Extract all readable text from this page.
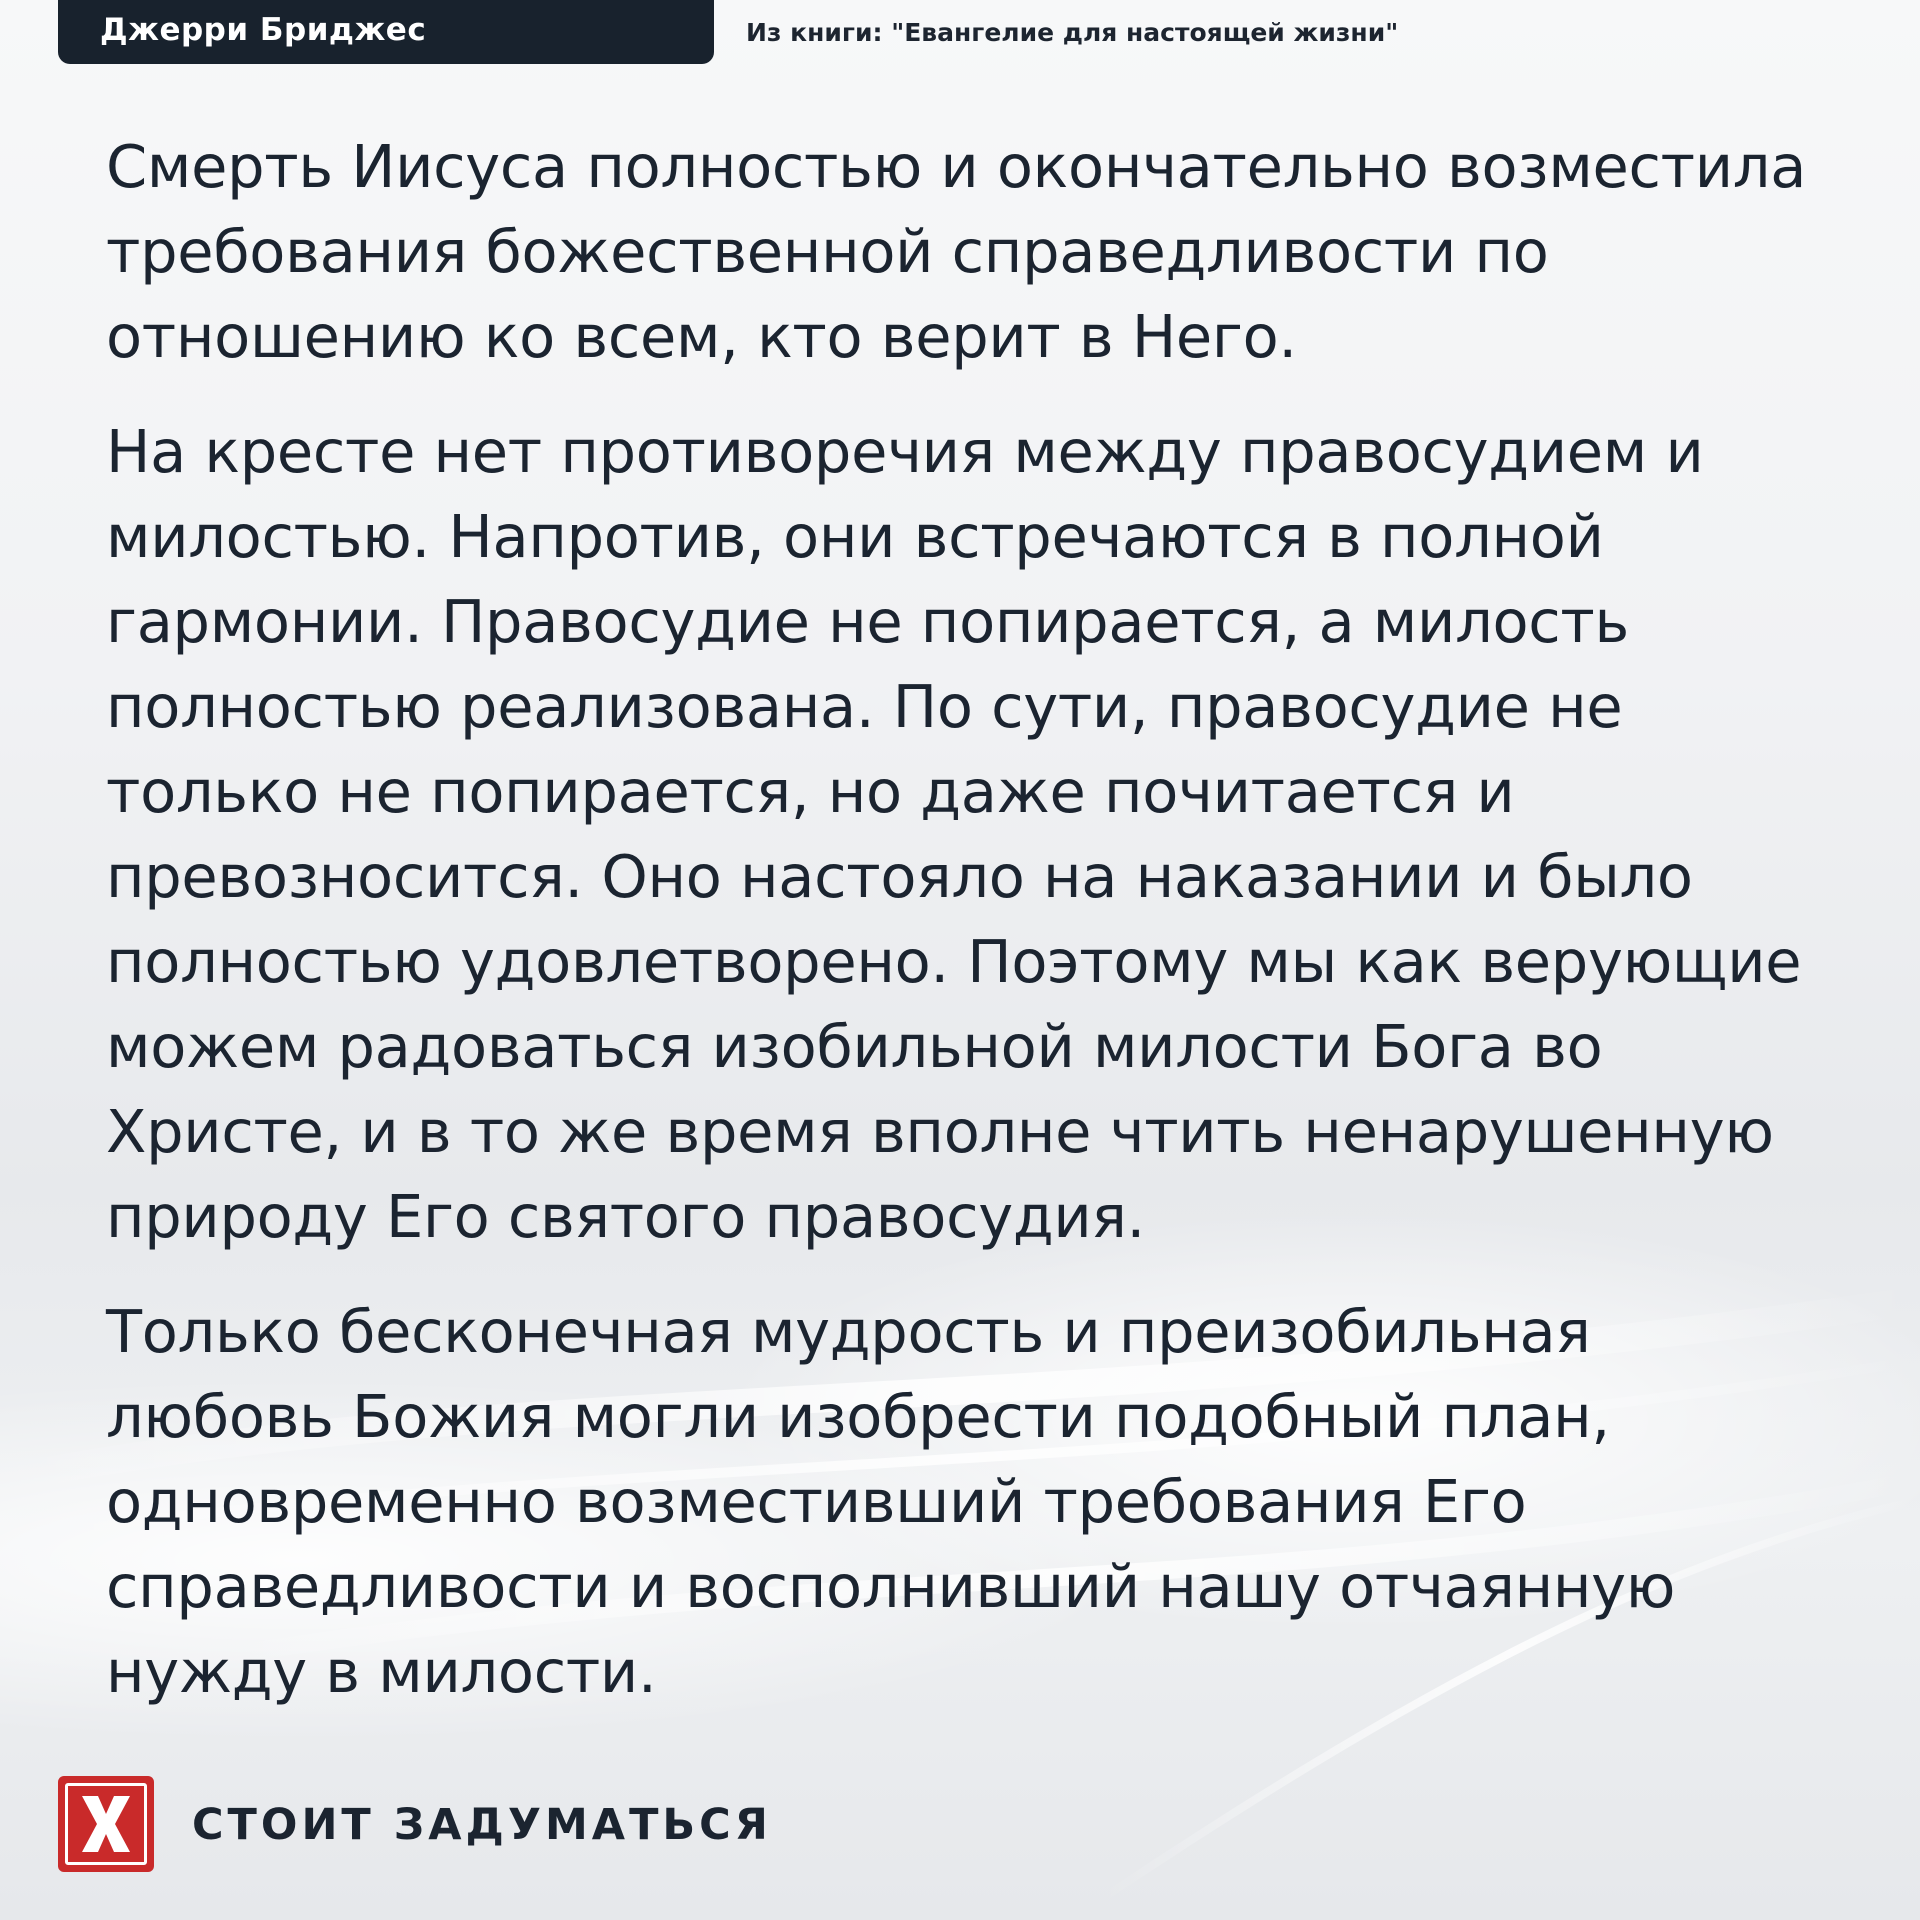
Джерри Бриджес	Из книги: "Евангелие для настоящей жизни"

Смерть Иисуса полностью и окончательно возместила требования божественной справедливости по отношению ко всем, кто верит в Него.

На кресте нет противоречия между правосудием и милостью. Напротив, они встречаются в полной гармонии. Правосудие не попирается, а милость полностью реализована. По сути, правосудие не только не попирается, но даже почитается и превозносится. Оно настояло на наказании и было полностью удовлетворено. Поэтому мы как верующие можем радоваться изобильной милости Бога во Христе, и в то же время вполне чтить ненарушенную природу Его святого правосудия.

Только бесконечная мудрость и преизобильная любовь Божия могли изобрести подобный план, одновременно возместивший требования Его справедливости и восполнивший нашу отчаянную нужду в милости.

СТОИТ ЗАДУМАТЬСЯ
